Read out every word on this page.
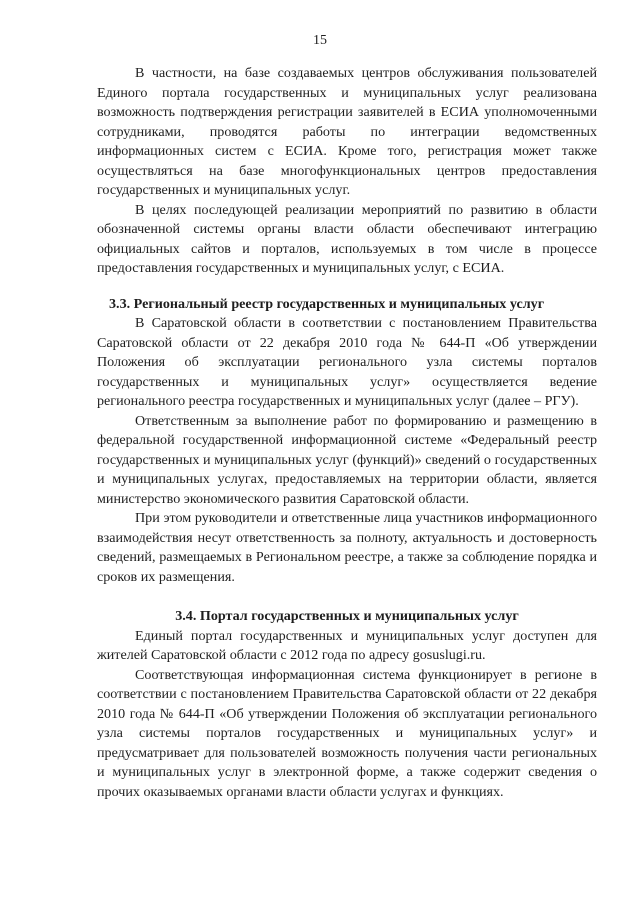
15

В частности, на базе создаваемых центров обслуживания пользователей Единого портала государственных и муниципальных услуг реализована возможность подтверждения регистрации заявителей в ЕСИА уполномоченными сотрудниками, проводятся работы по интеграции ведомственных информационных систем с ЕСИА. Кроме того, регистрация может также осуществляться на базе многофункциональных центров предоставления государственных и муниципальных услуг.

В целях последующей реализации мероприятий по развитию в области обозначенной системы органы власти области обеспечивают интеграцию официальных сайтов и порталов, используемых в том числе в процессе предоставления государственных и муниципальных услуг, с ЕСИА.

3.3. Региональный реестр государственных и муниципальных услуг

В Саратовской области в соответствии с постановлением Правительства Саратовской области от 22 декабря 2010 года № 644-П «Об утверждении Положения об эксплуатации регионального узла системы порталов государственных и муниципальных услуг» осуществляется ведение регионального реестра государственных и муниципальных услуг (далее – РГУ).

Ответственным за выполнение работ по формированию и размещению в федеральной государственной информационной системе «Федеральный реестр государственных и муниципальных услуг (функций)» сведений о государственных и муниципальных услугах, предоставляемых на территории области, является министерство экономического развития Саратовской области.

При этом руководители и ответственные лица участников информационного взаимодействия несут ответственность за полноту, актуальность и достоверность сведений, размещаемых в Региональном реестре, а также за соблюдение порядка и сроков их размещения.

3.4. Портал государственных и муниципальных услуг

Единый портал государственных и муниципальных услуг доступен для жителей Саратовской области с 2012 года по адресу gosuslugi.ru.

Соответствующая информационная система функционирует в регионе в соответствии с постановлением Правительства Саратовской области от 22 декабря 2010 года № 644-П «Об утверждении Положения об эксплуатации регионального узла системы порталов государственных и муниципальных услуг» и предусматривает для пользователей возможность получения части региональных и муниципальных услуг в электронной форме, а также содержит сведения о прочих оказываемых органами власти области услугах и функциях.
